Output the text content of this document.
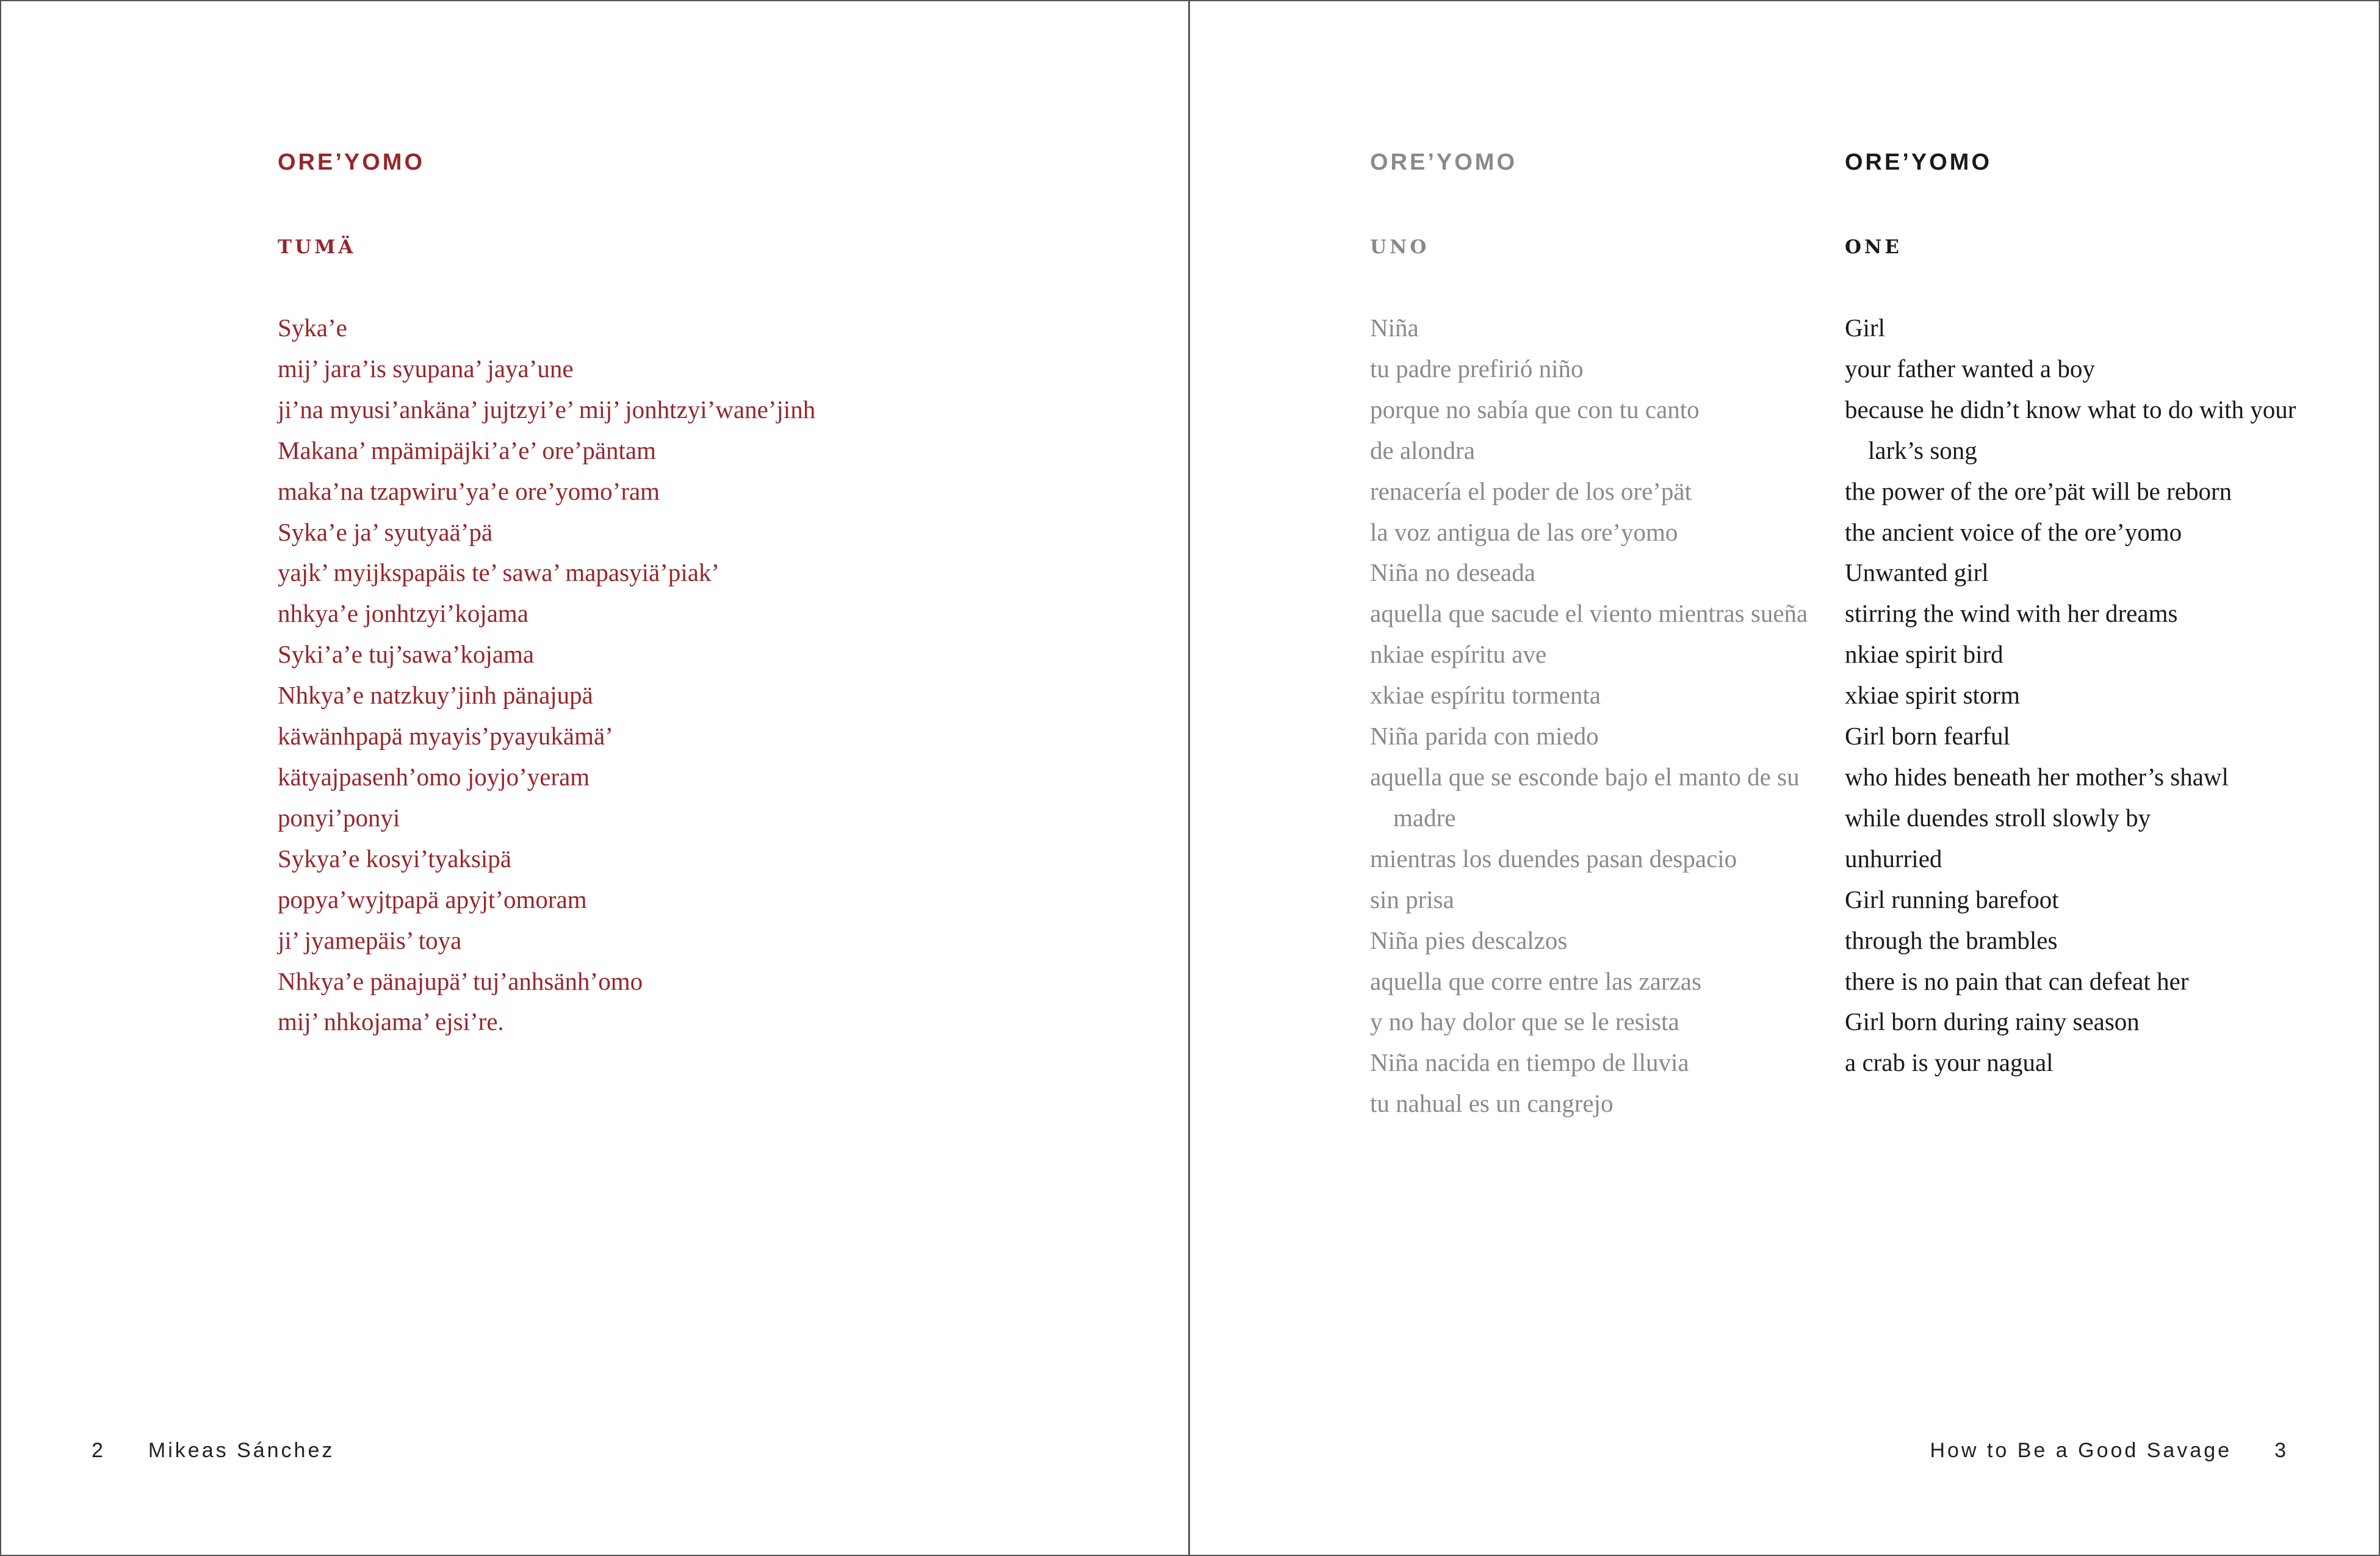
ORE’YOMO
TUMÄ
Syka’e
mij’ jara’is syupana’ jaya’une
ji’na myusi’ankäna’ jujtzyi’e’ mij’ jonhtzyi’wane’jinh
Makana’ mpämipäjki’a’e’ ore’päntam
maka’na tzapwiru’ya’e ore’yomo’ram
Syka’e ja’ syutyaä’pä
yajk’ myijkspapäis te’ sawa’ mapasyiä’piak’
nhkya’e jonhtzyi’kojama
Syki’a’e tuj’sawa’kojama
Nhkya’e natzkuy’jinh pänajupä
käwänhpapä myayis’pyayukämä’
kätyajpasenh’omo joyjo’yeram
ponyi’ponyi
Sykya’e kosyi’tyaksipä
popya’wyjtpapä apyjt’omoram
ji’ jyamepäis’ toya
Nhkya’e pänajupä’ tuj’anhsänh’omo
mij’ nhkojama’ ejsi’re.
2 Mikeas Sánchez
ORE’YOMO
UNO
Niña
tu padre prefirió niño
porque no sabía que con tu canto
de alondra
renacería el poder de los ore’pät
la voz antigua de las ore’yomo
Niña no deseada
aquella que sacude el viento mientras sueña
nkiae espíritu ave
xkiae espíritu tormenta
Niña parida con miedo
aquella que se esconde bajo el manto de su madre
mientras los duendes pasan despacio
sin prisa
Niña pies descalzos
aquella que corre entre las zarzas
y no hay dolor que se le resista
Niña nacida en tiempo de lluvia
tu nahual es un cangrejo
ORE’YOMO
ONE
Girl
your father wanted a boy
because he didn’t know what to do with your lark’s song
the power of the ore’pät will be reborn
the ancient voice of the ore’yomo
Unwanted girl
stirring the wind with her dreams
nkiae spirit bird
xkiae spirit storm
Girl born fearful
who hides beneath her mother’s shawl
while duendes stroll slowly by
unhurried
Girl running barefoot
through the brambles
there is no pain that can defeat her
Girl born during rainy season
a crab is your nagual
How to Be a Good Savage 3
